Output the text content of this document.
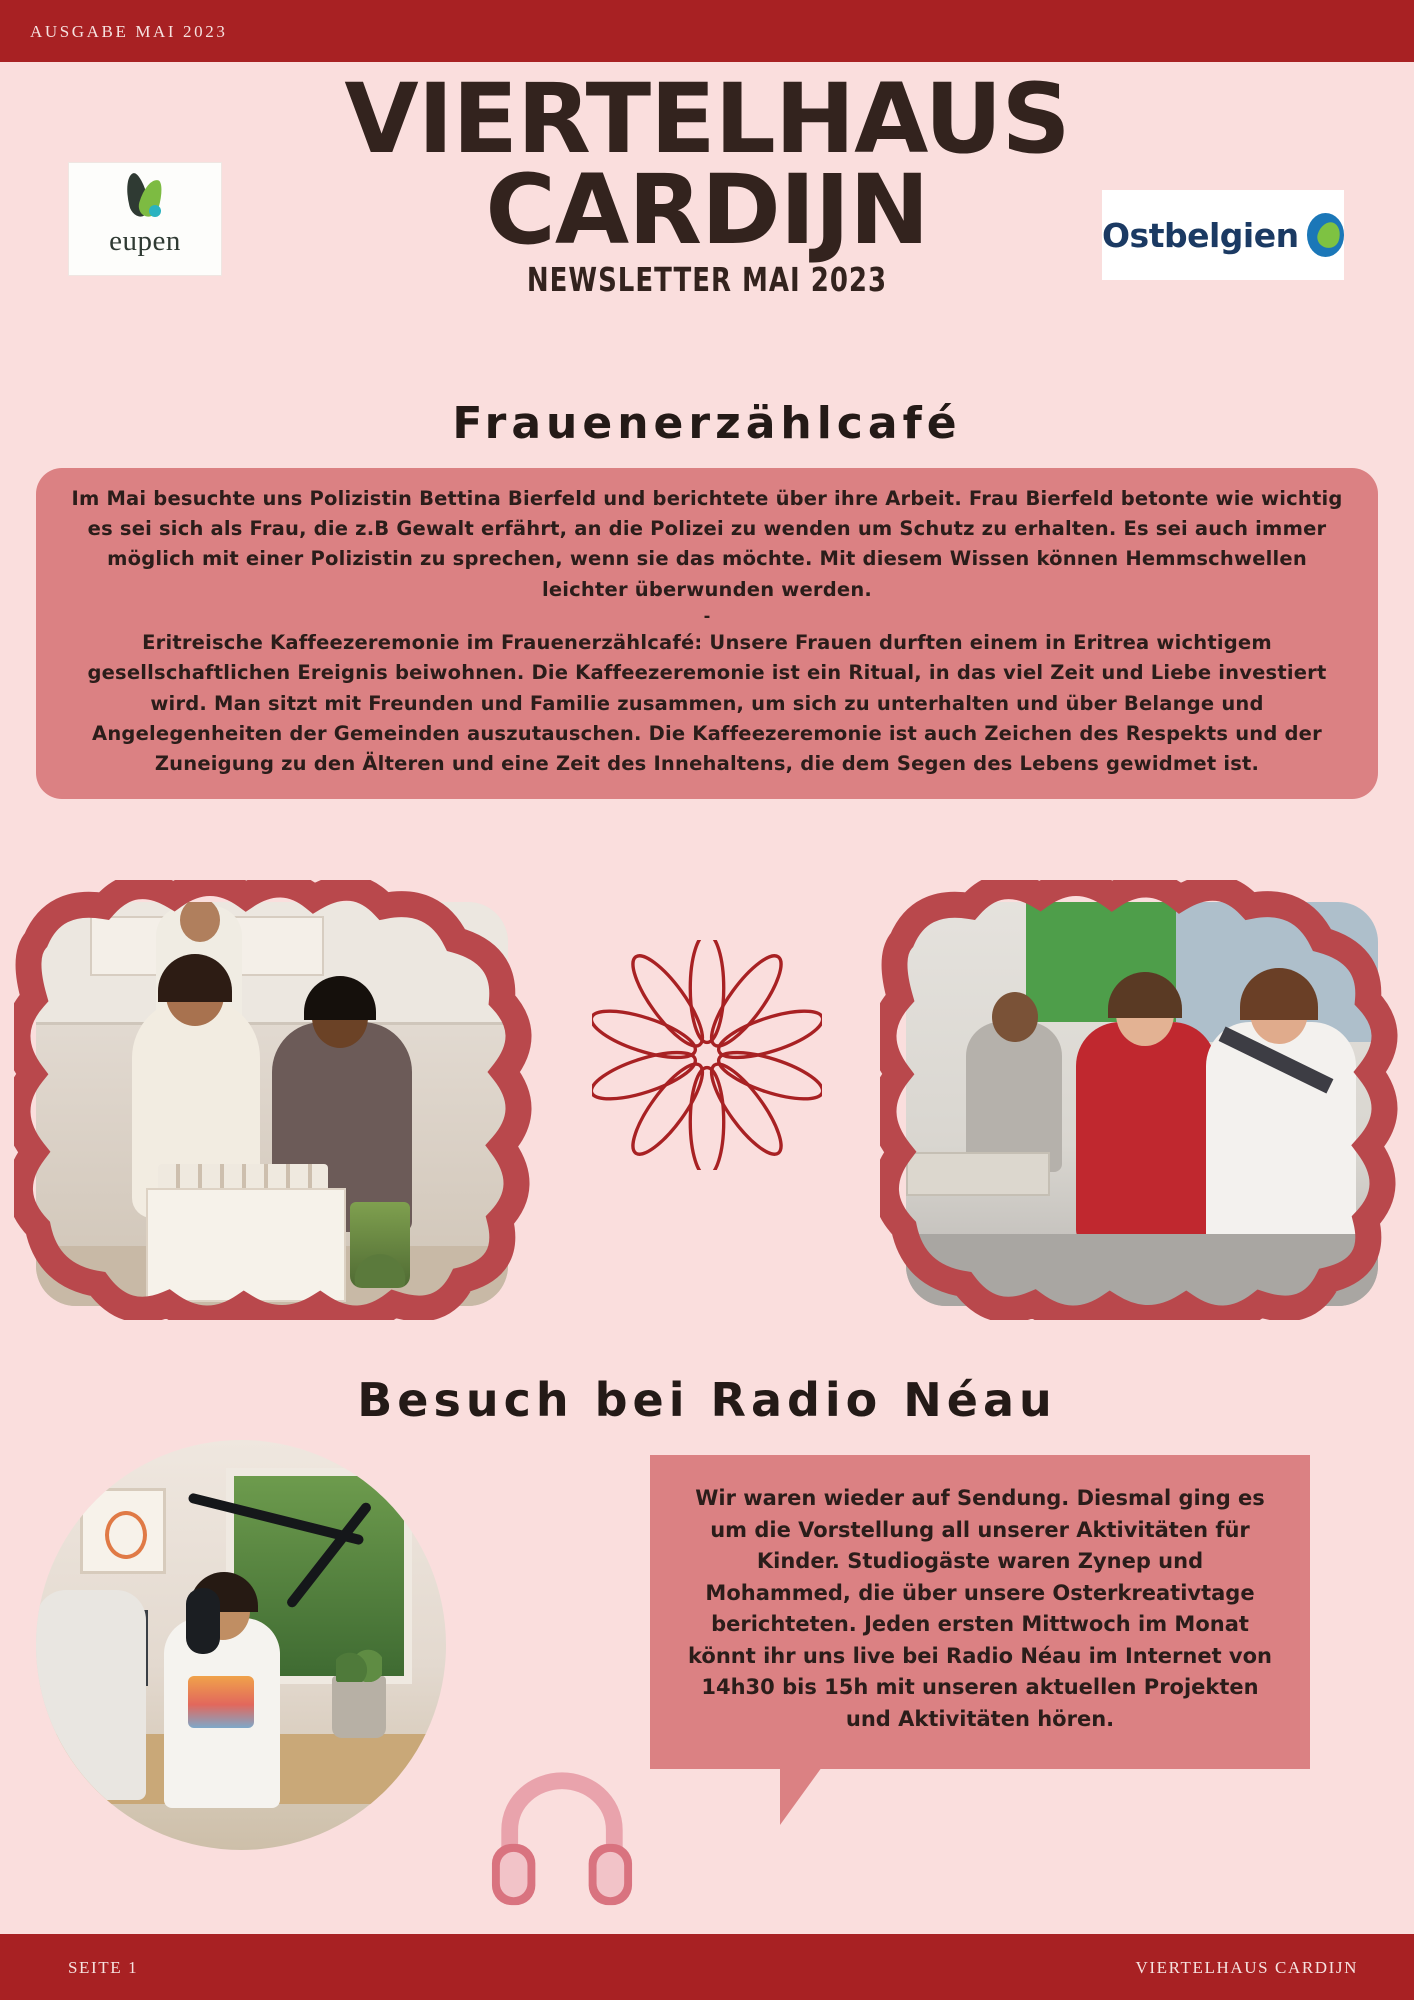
AUSGABE MAI 2023
VIERTELHAUS
CARDIJN
NEWSLETTER MAI 2023
eupen	Ostbelgien
Frauenerzählcafé

Im Mai besuchte uns Polizistin Bettina Bierfeld und berichtete über ihre Arbeit. Frau Bierfeld betonte wie wichtig es sei sich als Frau, die z.B Gewalt erfährt, an die Polizei zu wenden um Schutz zu erhalten. Es sei auch immer möglich mit einer Polizistin zu sprechen, wenn sie das möchte. Mit diesem Wissen können Hemmschwellen leichter überwunden werden.

-

Eritreische Kaffeezeremonie im Frauenerzählcafé: Unsere Frauen durften einem in Eritrea wichtigem gesellschaftlichen Ereignis beiwohnen. Die Kaffeezeremonie ist ein Ritual, in das viel Zeit und Liebe investiert wird. Man sitzt mit Freunden und Familie zusammen, um sich zu unterhalten und über Belange und Angelegenheiten der Gemeinden auszutauschen. Die Kaffeezeremonie ist auch Zeichen des Respekts und der Zuneigung zu den Älteren und eine Zeit des Innehaltens, die dem Segen des Lebens gewidmet ist.

Besuch bei Radio Néau

Wir waren wieder auf Sendung. Diesmal ging es um die Vorstellung all unserer Aktivitäten für Kinder. Studiogäste waren Zynep und Mohammed, die über unsere Osterkreativtage berichteten. Jeden ersten Mittwoch im Monat könnt ihr uns live bei Radio Néau im Internet von 14h30 bis 15h mit unseren aktuellen Projekten und Aktivitäten hören.

SEITE 1	VIERTELHAUS CARDIJN
